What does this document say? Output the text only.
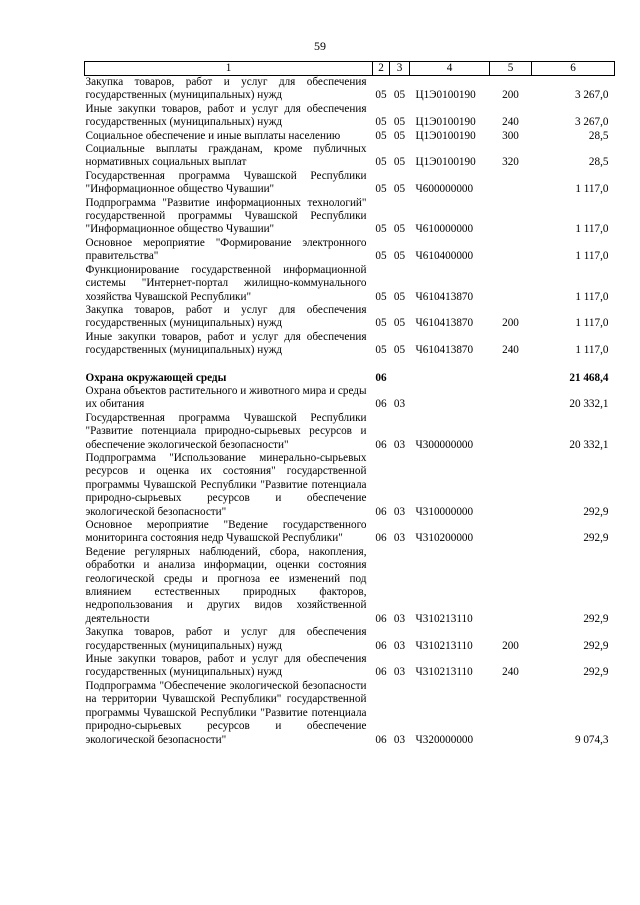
59
1	2	3	4	5	6
Закупка товаров, работ и услуг для обеспечения государственных (муниципальных) нужд	05	05	Ц1Э0100190	200	3 267,0
Иные закупки товаров, работ и услуг для обеспечения государственных (муниципальных) нужд	05	05	Ц1Э0100190	240	3 267,0
Социальное обеспечение и иные выплаты населению	05	05	Ц1Э0100190	300	28,5
Социальные выплаты гражданам, кроме публичных нормативных социальных выплат	05	05	Ц1Э0100190	320	28,5
Государственная программа Чувашской Республики "Информационное общество Чувашии"	05	05	Ч600000000		1 117,0
Подпрограмма "Развитие информационных технологий" государственной программы Чувашской Республики "Информационное общество Чувашии"	05	05	Ч610000000		1 117,0
Основное мероприятие "Формирование электронного правительства"	05	05	Ч610400000		1 117,0
Функционирование государственной информационной системы "Интернет-портал жилищно-коммунального хозяйства Чувашской Республики"	05	05	Ч610413870		1 117,0
Закупка товаров, работ и услуг для обеспечения государственных (муниципальных) нужд	05	05	Ч610413870	200	1 117,0
Иные закупки товаров, работ и услуг для обеспечения государственных (муниципальных) нужд	05	05	Ч610413870	240	1 117,0

Охрана окружающей среды	06				21 468,4
Охрана объектов растительного и животного мира и среды их обитания	06	03			20 332,1
Государственная программа Чувашской Республики "Развитие потенциала природно-сырьевых ресурсов и обеспечение экологической безопасности"	06	03	Ч300000000		20 332,1
Подпрограмма "Использование минерально-сырьевых ресурсов и оценка их состояния" государственной программы Чувашской Республики "Развитие потенциала природно-сырьевых ресурсов и обеспечение экологической безопасности"	06	03	Ч310000000		292,9
Основное мероприятие "Ведение государственного мониторинга состояния недр Чувашской Республики"	06	03	Ч310200000		292,9
Ведение регулярных наблюдений, сбора, накопления, обработки и анализа информации, оценки состояния геологической среды и прогноза ее изменений под влиянием естественных природных факторов, недропользования и других видов хозяйственной деятельности	06	03	Ч310213110		292,9
Закупка товаров, работ и услуг для обеспечения государственных (муниципальных) нужд	06	03	Ч310213110	200	292,9
Иные закупки товаров, работ и услуг для обеспечения государственных (муниципальных) нужд	06	03	Ч310213110	240	292,9
Подпрограмма "Обеспечение экологической безопасности на территории Чувашской Республики" государственной программы Чувашской Республики "Развитие потенциала природно-сырьевых ресурсов и обеспечение экологической безопасности"	06	03	Ч320000000		9 074,3
